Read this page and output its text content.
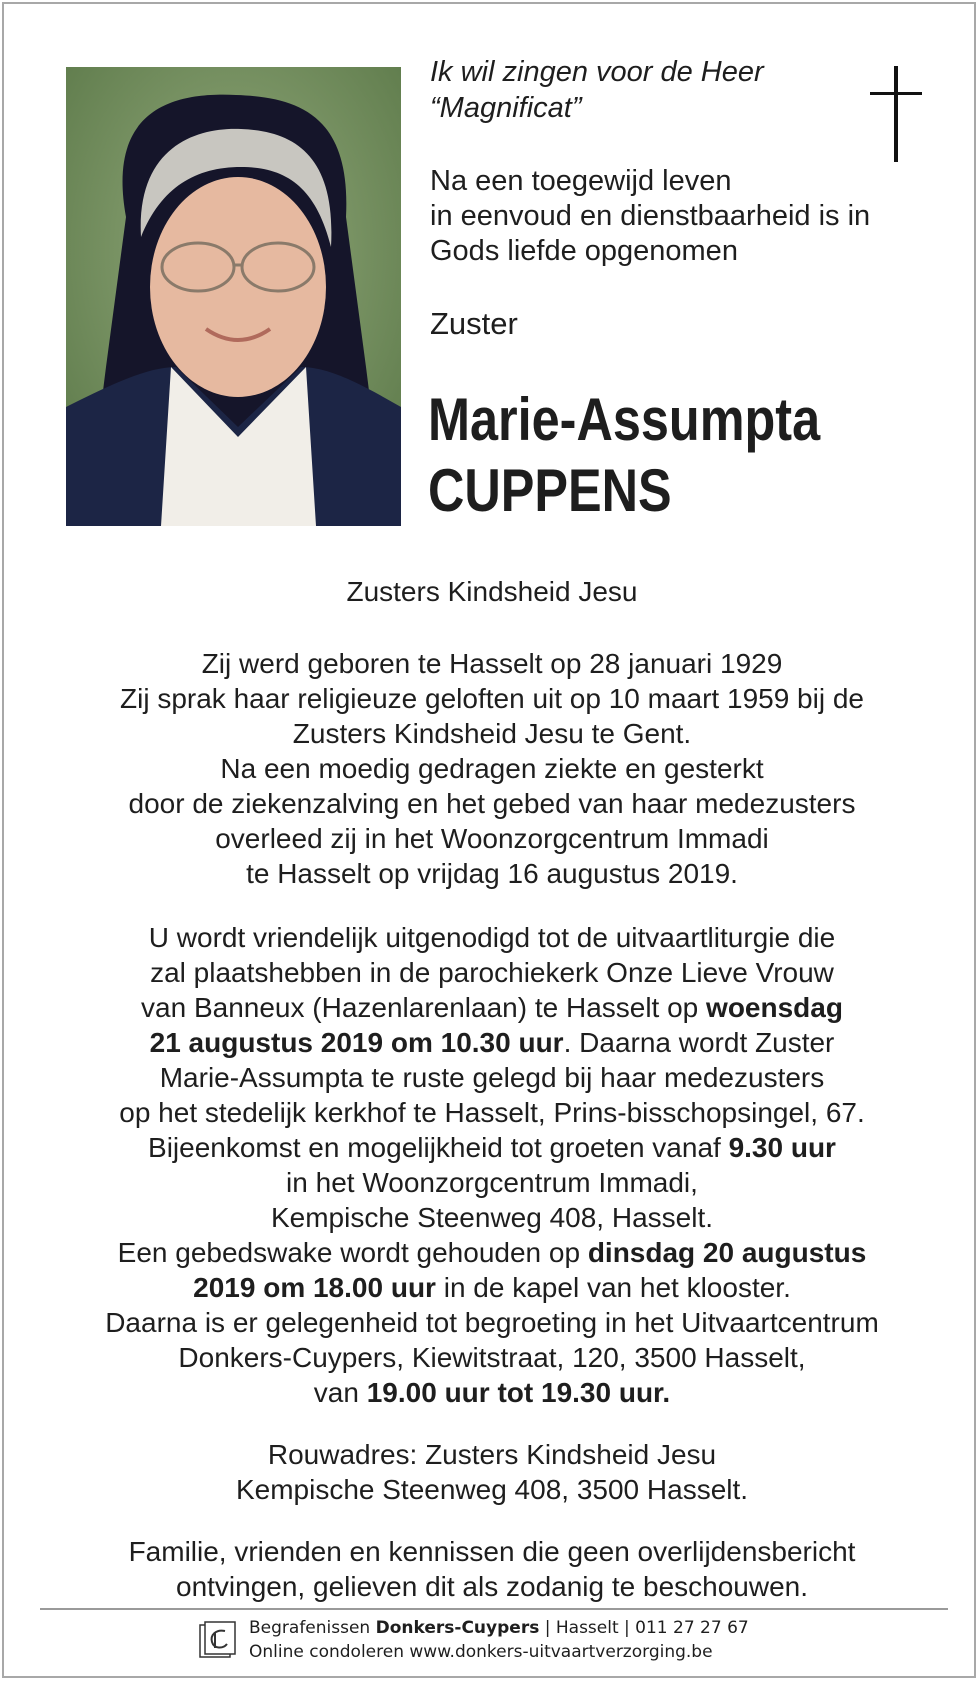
Ik wil zingen voor de Heer
“Magnificat”
Na een toegewijd leven
in eenvoud en dienstbaarheid is in
Gods liefde opgenomen
Zuster
Marie-Assumpta
CUPPENS
Zusters Kindsheid Jesu
Zij werd geboren te Hasselt op 28 januari 1929
Zij sprak haar religieuze geloften uit op 10 maart 1959 bij de
Zusters Kindsheid Jesu te Gent.
Na een moedig gedragen ziekte en gesterkt
door de ziekenzalving en het gebed van haar medezusters
overleed zij in het Woonzorgcentrum Immadi
te Hasselt op vrijdag 16 augustus 2019.
U wordt vriendelijk uitgenodigd tot de uitvaartliturgie die
zal plaatshebben in de parochiekerk Onze Lieve Vrouw
van Banneux (Hazenlarenlaan) te Hasselt op woensdag
21 augustus 2019 om 10.30 uur. Daarna wordt Zuster
Marie-Assumpta te ruste gelegd bij haar medezusters
op het stedelijk kerkhof te Hasselt, Prins-bisschopsingel, 67.
Bijeenkomst en mogelijkheid tot groeten vanaf 9.30 uur
in het Woonzorgcentrum Immadi,
Kempische Steenweg 408, Hasselt.
Een gebedswake wordt gehouden op dinsdag 20 augustus
2019 om 18.00 uur in de kapel van het klooster.
Daarna is er gelegenheid tot begroeting in het Uitvaartcentrum
Donkers-Cuypers, Kiewitstraat, 120, 3500 Hasselt,
van 19.00 uur tot 19.30 uur.
Rouwadres: Zusters Kindsheid Jesu
Kempische Steenweg 408, 3500 Hasselt.
Familie, vrienden en kennissen die geen overlijdensbericht
ontvingen, gelieven dit als zodanig te beschouwen.
Begrafenissen Donkers-Cuypers | Hasselt | 011 27 27 67
Online condoleren www.donkers-uitvaartverzorging.be
